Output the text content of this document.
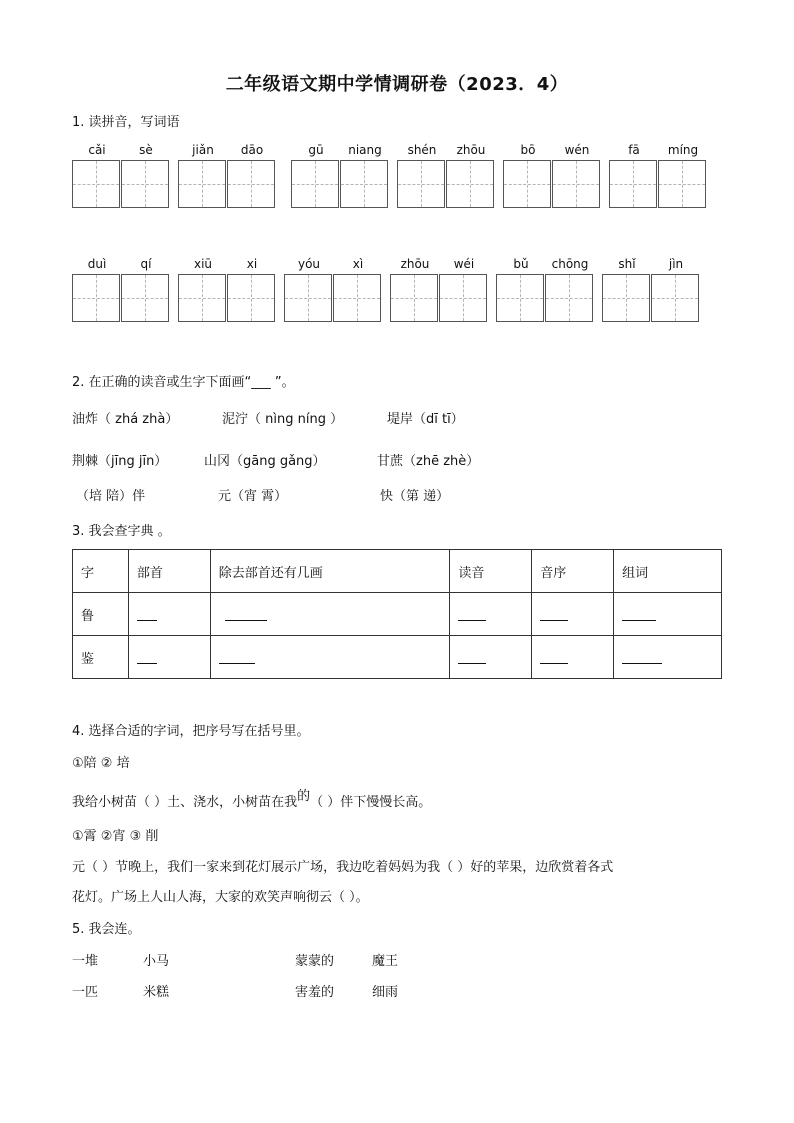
二年级语文期中学情调研卷（2023．4）
1. 读拼音，写词语
cǎi	sè	jiǎn	dāo	gū	niang	shén	zhōu	bō	wén	fā	míng
duì	qí	xiū	xi	yóu	xì	zhōu	wéi	bǔ	chōng	shǐ	jìn
2. 在正确的读音或生字下面画“___ ”。
油炸（ zhá zhà）	泥泞（ nìng níng ）	堤岸（dī tī）
荆棘（jīng jīn）	山冈（gāng gǎng）	甘蔗（zhē zhè）
（培 陪）伴	元（宵 霄）	快（第 递）
3. 我会查字典 。
字	部首	除去部首还有几画	读音	音序	组词
鲁					
鉴					
4. 选择合适的字词，把序号写在括号里。
①陪 ② 培
我给小树苗（ ）土、浇水，小树苗在我的（ ）伴下慢慢长高。
①霄 ②宵 ③ 削
元（ ）节晚上，我们一家来到花灯展示广场，我边吃着妈妈为我（ ）好的苹果，边欣赏着各式
花灯。广场上人山人海，大家的欢笑声响彻云（ ）。
5. 我会连。
一堆	小马	蒙蒙的	魔王
一匹	米糕	害羞的	细雨
